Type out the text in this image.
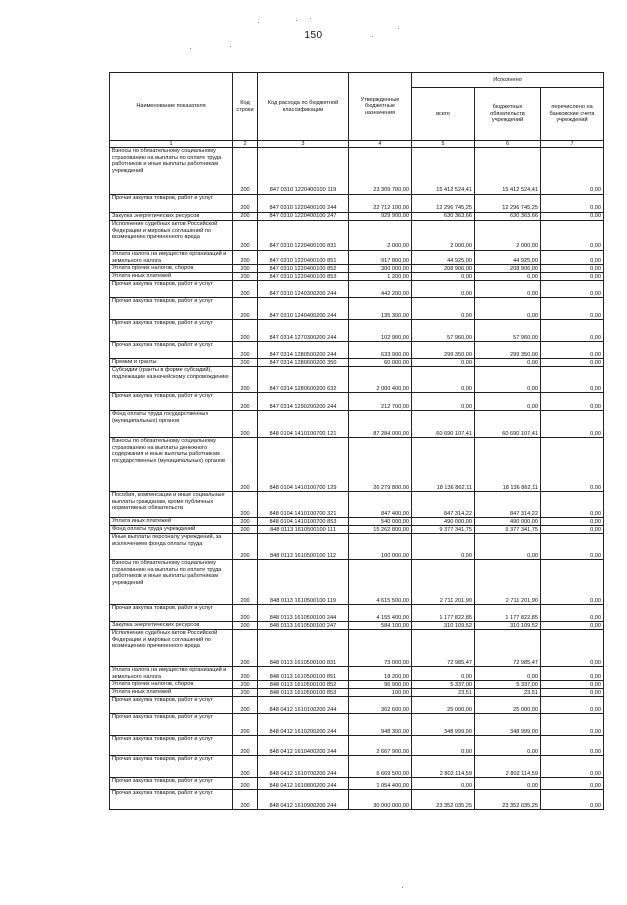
150
Наименование показателя	Код строки	Код расхода по бюджетной классификации	Утвержденные бюджетные назначения	Исполнено		
				всего	бюджетных обязательств учреждений	перечислено на банковские счета учреждений
1	2	3	4	5	6	7
Взносы по обязательному социальному страхованию на выплаты по оплате труда работников и иные выплаты работникам учреждений	200	847 0310 1220400100 119	23 309 700,00	15 412 524,41	15 412 524,41	0,00
Прочая закупка товаров, работ и услуг	200	847 0310 1220400100 244	22 712 100,00	12 296 745,25	12 296 745,25	0,00
Закупка энергетических ресурсов	200	847 0310 1220400100 247	929 900,00	630 363,66	630 363,66	0,00
Исполнение судебных актов Российской Федерации и мировых соглашений по возмещению причиненного вреда	200	847 0310 1220400100 831	2 000,00	2 000,00	2 000,00	0,00
Уплата налога на имущество организаций и земельного налога	200	847 0310 1220400100 851	917 800,00	44 925,00	44 925,00	0,00
Уплата прочих налогов, сборов	200	847 0310 1220400100 852	300 000,00	208 906,00	208 906,00	0,00
Уплата иных платежей	200	847 0310 1220400100 853	1 200,00	0,00	0,00	0,00
Прочая закупка товаров, работ и услуг	200	847 0310 1240300200 244	442 200,00	0,00	0,00	0,00
Прочая закупка товаров, работ и услуг	200	847 0310 1240400200 244	135 300,00	0,00	0,00	0,00
Прочая закупка товаров, работ и услуг	200	847 0314 1270300200 244	102 900,00	57 960,00	57 960,00	0,00
Прочая закупка товаров, работ и услуг	200	847 0314 1280500200 244	633 900,00	299 350,00	299 350,00	0,00
Премии и гранты	200	847 0314 1280600200 350	60 000,00	0,00	0,00	0,00
Субсидии (гранты в форме субсидий), подлежащие казначейскому сопровождению	200	847 0314 1280600200 632	2 000 400,00	0,00	0,00	0,00
Прочая закупка товаров, работ и услуг	200	847 0314 1290200200 244	212 700,00	0,00	0,00	0,00
Фонд оплаты труда государственных (муниципальных) органов	200	848 0104 1410100700 121	87 284 000,00	60 690 107,41	60 690 107,41	0,00
Взносы по обязательному социальному страхованию на выплаты денежного содержания и иные выплаты работникам государственных (муниципальных) органов	200	848 0104 1410100700 129	26 279 800,00	18 136 862,11	18 136 862,11	0,00
Пособия, компенсации и иные социальные выплаты гражданам, кроме публичных нормативных обязательств	200	848 0104 1410100700 321	847 400,00	847 314,22	847 314,22	0,00
Уплата иных платежей	200	848 0104 1410100700 853	540 000,00	490 000,00	490 000,00	0,00
Фонд оплаты труда учреждений	200	848 0113 1610500100 111	15 262 800,00	9 377 341,75	9 377 341,75	0,00
Иные выплаты персоналу учреждений, за исключением фонда оплаты труда	200	848 0113 1610500100 112	100 000,00	0,00	0,00	0,00
Взносы по обязательному социальному страхованию на выплаты по оплате труда работников и иные выплаты работникам учреждений	200	848 0113 1610500100 119	4 615 500,00	2 711 201,90	2 711 201,90	0,00
Прочая закупка товаров, работ и услуг	200	848 0113 1610500100 244	4 155 400,00	1 177 822,85	1 177 822,85	0,00
Закупка энергетических ресурсов	200	848 0113 1610500100 247	584 100,00	310 109,52	310 109,52	0,00
Исполнение судебных актов Российской Федерации и мировых соглашений по возмещению причиненного вреда	200	848 0113 1610500100 831	73 000,00	72 985,47	72 985,47	0,00
Уплата налога на имущество организаций и земельного налога	200	848 0113 1610500100 851	18 200,00	0,00	0,00	0,00
Уплата прочих налогов, сборов	200	848 0113 1610500100 852	96 900,00	5 337,00	5 337,00	0,00
Уплата иных платежей	200	848 0113 1610500100 853	100,00	23,51	23,51	0,00
Прочая закупка товаров, работ и услуг	200	848 0412 1610100200 244	362 600,00	25 000,00	25 000,00	0,00
Прочая закупка товаров, работ и услуг	200	848 0412 1610200200 244	948 300,00	348 999,00	348 999,00	0,00
Прочая закупка товаров, работ и услуг	200	848 0412 1610400200 244	2 667 900,00	0,00	0,00	0,00
Прочая закупка товаров, работ и услуг	200	848 0412 1610700200 244	6 669 500,00	2 802 114,59	2 802 114,59	0,00
Прочая закупка товаров, работ и услуг	200	848 0412 1610800200 244	1 054 400,00	0,00	0,00	0,00
Прочая закупка товаров, работ и услуг	200	848 0412 1610900200 244	30 000 000,00	23 352 035,25	23 352 035,25	0,00
